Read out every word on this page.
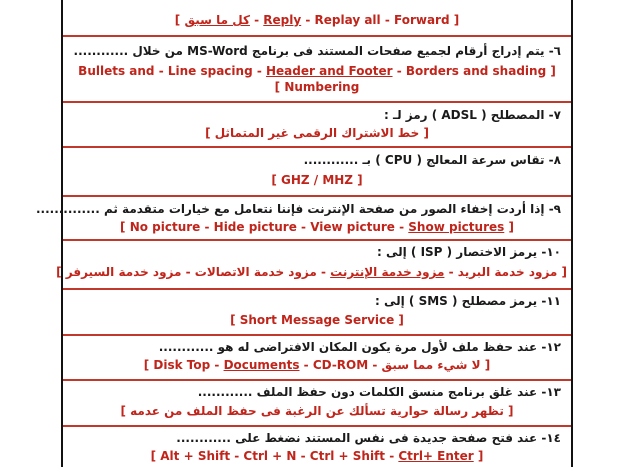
[ كل ما سبق - Reply - Replay all - Forward ]
٦- يتم إدراج أرقام لجميع صفحات المستند فى برنامج MS-Word من خلال ............
Bullets and - Line spacing - Header and Footer - Borders and shading ]
[ Numbering
٧- المصطلح ( ADSL ) رمز لـ :
[ خط الاشتراك الرقمى غير المتماثل ]
٨- تقاس سرعة المعالج ( CPU ) بـ ............
[ GHZ / MHZ ]
٩- إذا أردت إخفاء الصور من صفحة الإنترنت فإننا نتعامل مع خيارات متقدمة ثم ..............
[ No picture - Hide picture - View picture - Show pictures ]
١٠- يرمز الاختصار ( ISP ) إلى :
[ مزود خدمة البريد - مزود خدمة الإنترنت - مزود خدمة الاتصالات - مزود خدمة السيرفر ]
١١- يرمز مصطلح ( SMS ) إلى :
[ Short Message Service ]
١٢- عند حفظ ملف لأول مرة يكون المكان الافتراضى له هو ............
[ لا شيء مما سبق - Disk Top - Documents - CD-ROM ]
١٣- عند غلق برنامج منسق الكلمات دون حفظ الملف ............
[ تظهر رسالة حوارية تسألك عن الرغبة فى حفظ الملف من عدمه ]
١٤- عند فتح صفحة جديدة فى نفس المستند نضغط على ............
[ Alt + Shift - Ctrl + N - Ctrl + Shift - Ctrl+ Enter ]
